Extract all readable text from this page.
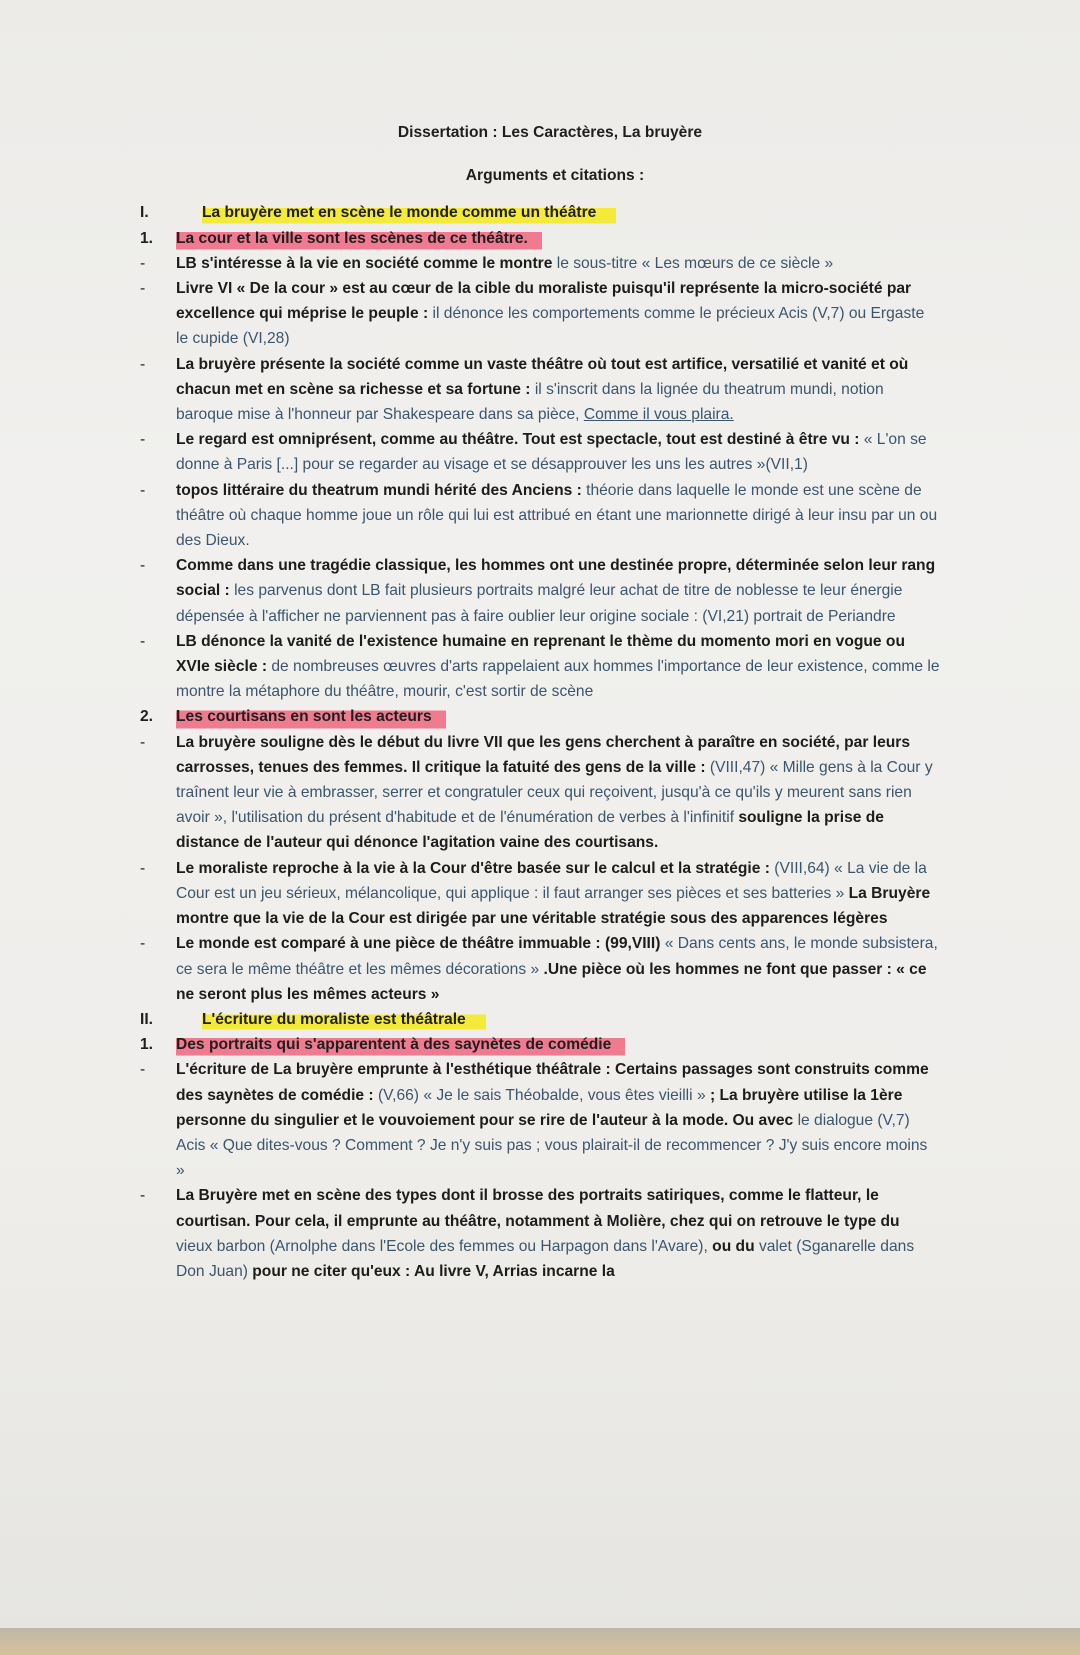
Dissertation : Les Caractères, La bruyère
Arguments et citations :
I.	La bruyère met en scène le monde comme un théâtre
1.	La cour et la ville sont les scènes de ce théâtre.
-	LB s'intéresse à la vie en société comme le montre le sous-titre « Les mœurs de ce siècle »
-	Livre VI « De la cour » est au cœur de la cible du moraliste puisqu'il représente la micro-société par excellence qui méprise le peuple : il dénonce les comportements comme le précieux Acis (V,7) ou Ergaste le cupide (VI,28)
-	La bruyère présente la société comme un vaste théâtre où tout est artifice, versatilié et vanité et où chacun met en scène sa richesse et sa fortune : il s'inscrit dans la lignée du theatrum mundi, notion baroque mise à l'honneur par Shakespeare dans sa pièce, Comme il vous plaira.
-	Le regard est omniprésent, comme au théâtre. Tout est spectacle, tout est destiné à être vu : « L'on se donne à Paris [...] pour se regarder au visage et se désapprouver les uns les autres »(VII,1)
-	topos littéraire du theatrum mundi hérité des Anciens : théorie dans laquelle le monde est une scène de théâtre où chaque homme joue un rôle qui lui est attribué en étant une marionnette dirigé à leur insu par un ou des Dieux.
-	Comme dans une tragédie classique, les hommes ont une destinée propre, déterminée selon leur rang social : les parvenus dont LB fait plusieurs portraits malgré leur achat de titre de noblesse te leur énergie dépensée à l'afficher ne parviennent pas à faire oublier leur origine sociale : (VI,21) portrait de Periandre
-	LB dénonce la vanité de l'existence humaine en reprenant le thème du momento mori en vogue ou XVIe siècle : de nombreuses œuvres d'arts rappelaient aux hommes l'importance de leur existence, comme le montre la métaphore du théâtre, mourir, c'est sortir de scène
2.	Les courtisans en sont les acteurs
-	La bruyère souligne dès le début du livre VII que les gens cherchent à paraître en société, par leurs carrosses, tenues des femmes. Il critique la fatuité des gens de la ville : (VIII,47) « Mille gens à la Cour y traînent leur vie à embrasser, serrer et congratuler ceux qui reçoivent, jusqu'à ce qu'ils y meurent sans rien avoir », l'utilisation du présent d'habitude et de l'énumération de verbes à l'infinitif souligne la prise de distance de l'auteur qui dénonce l'agitation vaine des courtisans.
-	Le moraliste reproche à la vie à la Cour d'être basée sur le calcul et la stratégie : (VIII,64) « La vie de la Cour est un jeu sérieux, mélancolique, qui applique : il faut arranger ses pièces et ses batteries » La Bruyère montre que la vie de la Cour est dirigée par une véritable stratégie sous des apparences légères
-	Le monde est comparé à une pièce de théâtre immuable : (99,VIII) « Dans cents ans, le monde subsistera, ce sera le même théâtre et les mêmes décorations » .Une pièce où les hommes ne font que passer : « ce ne seront plus les mêmes acteurs »
II.	L'écriture du moraliste est théâtrale
1.	Des portraits qui s'apparentent à des saynètes de comédie
-	L'écriture de La bruyère emprunte à l'esthétique théâtrale : Certains passages sont construits comme des saynètes de comédie : (V,66) « Je le sais Théobalde, vous êtes vieilli » ; La bruyère utilise la 1ère personne du singulier et le vouvoiement pour se rire de l'auteur à la mode. Ou avec le dialogue (V,7) Acis « Que dites-vous ? Comment ? Je n'y suis pas ; vous plairait-il de recommencer ? J'y suis encore moins »
-	La Bruyère met en scène des types dont il brosse des portraits satiriques, comme le flatteur, le courtisan. Pour cela, il emprunte au théâtre, notamment à Molière, chez qui on retrouve le type du vieux barbon (Arnolphe dans l'Ecole des femmes ou Harpagon dans l'Avare), ou du valet (Sganarelle dans Don Juan) pour ne citer qu'eux : Au livre V, Arrias incarne la
